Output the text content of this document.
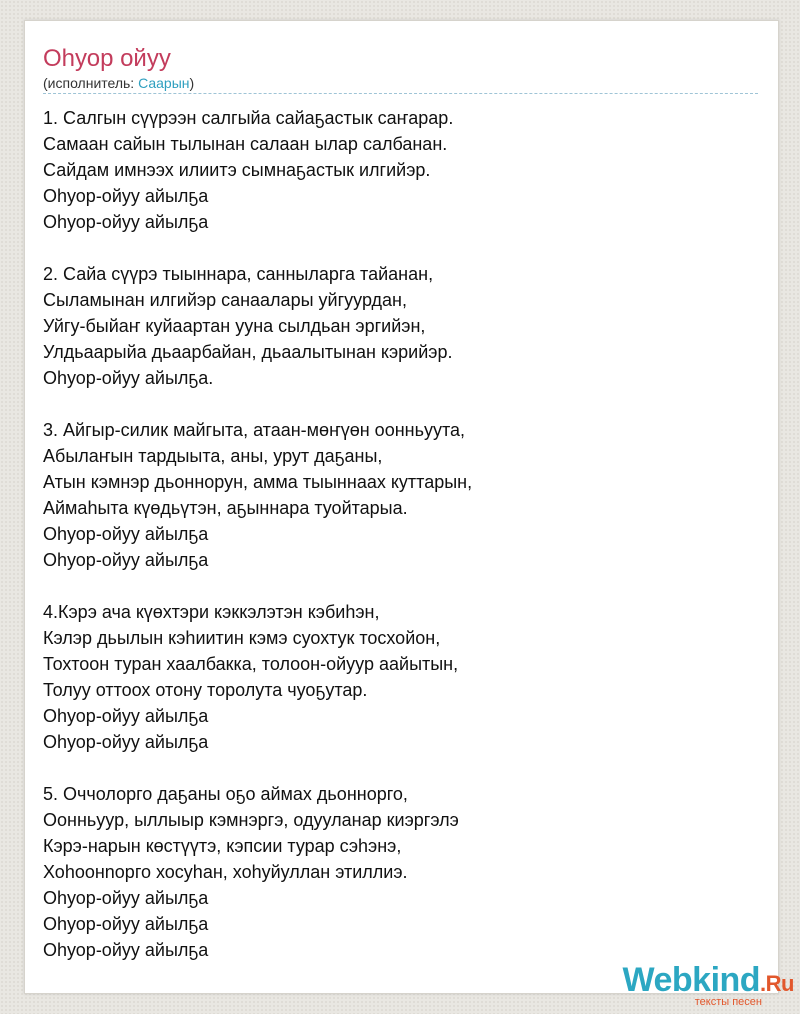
Оhуор ойуу
(исполнитель: Саарын)
1. Салгын сүүрээн салгыйа сайаҕастык саҥарар.
Самаан сайын тылынан салаан ылар салбанан.
Сайдам имнээх илиитэ сымнаҕастык илгийэр.
Оһуор-ойуу айылҕа
Оһуор-ойуу айылҕа
2. Сайа сүүрэ тыыннара, санныларга тайанан,
Сыламынан илгийэр санаалары уйгуурдан,
Уйгу-быйаҥ куйаартан ууна сылдьан эргийэн,
Улдьаарыйа дьаарбайан, дьаалытынан кэрийэр.
Оһуор-ойуу айылҕа.
3. Айгыр-силик майгыта, атаан-мөҥүөн оонньуута,
Абылаҥын тардыыта, аны, урут даҕаны,
Атын кэмнэр дьоннорун, амма тыыннаах куттарын,
Аймаһыта күөдьүтэн, аҕыннара туойтарыа.
Оһуор-ойуу айылҕа
Оһуор-ойуу айылҕа
4.Кэрэ ача күөхтэри кэккэлэтэн кэбиһэн,
Кэлэр дьылын кэһиитин кэмэ суохтук тосхойон,
Тохтоон туран хаалбакка, толоон-ойуур аайытын,
Толуу оттоох отону торолута чуоҕутар.
Оһуор-ойуу айылҕа
Оһуор-ойуу айылҕа
5. Оччолорго даҕаны оҕо аймах дьоннорго,
Оонньуур, ыллыыр кэмнэргэ, одууланар киэргэлэ
Кэрэ-нарын көстүүтэ, кэпсии турар сэһэнэ,
Хоһоонnорго хосуһан, хоһуйуллан этиллиэ.
Оһуор-ойуу айылҕа
Оһуор-ойуу айылҕа
Оһуор-ойуу айылҕа
Webkind.Ru
тексты песен
